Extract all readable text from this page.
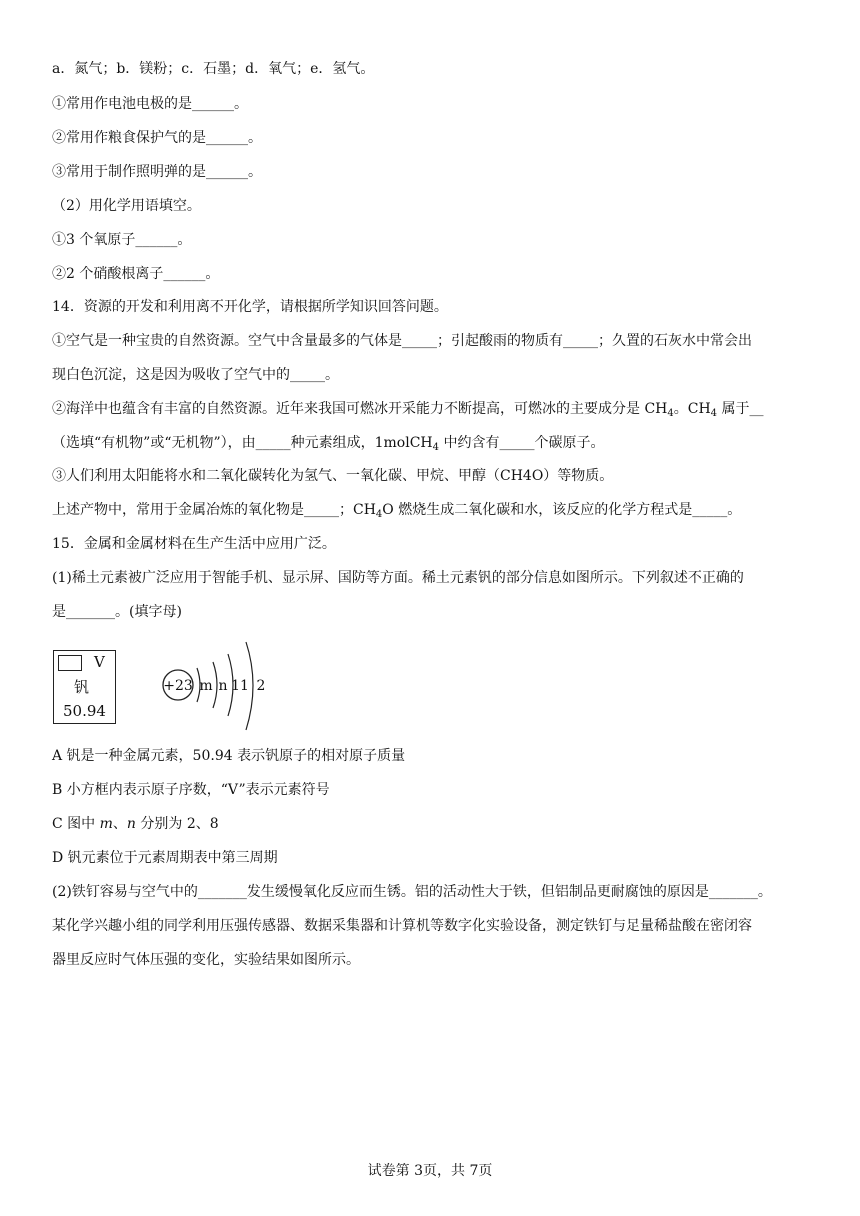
a．氮气；b．镁粉；c．石墨；d．氧气；e．氢气。
①常用作电池电极的是______。
②常用作粮食保护气的是______。
③常用于制作照明弹的是______。
（2）用化学用语填空。
①3 个氧原子______。
②2 个硝酸根离子______。
14．资源的开发和利用离不开化学，请根据所学知识回答问题。
①空气是一种宝贵的自然资源。空气中含量最多的气体是_____；引起酸雨的物质有_____；久置的石灰水中常会出
现白色沉淀，这是因为吸收了空气中的_____。
②海洋中也蕴含有丰富的自然资源。近年来我国可燃冰开采能力不断提高，可燃冰的主要成分是 $CH_4$。$CH_4$ 属于__
（选填“有机物”或“无机物”），由_____种元素组成，1molCH$_4$ 中约含有_____个碳原子。
③人们利用太阳能将水和二氧化碳转化为氢气、一氧化碳、甲烷、甲醇（CH4O）等物质。
上述产物中，常用于金属冶炼的氧化物是_____；$CH_4O$ 燃烧生成二氧化碳和水，该反应的化学方程式是_____。
15．金属和金属材料在生产生活中应用广泛。
(1)稀土元素被广泛应用于智能手机、显示屏、国防等方面。稀土元素钒的部分信息如图所示。下列叙述不正确的
是_______。(填字母)
V
钒
50.94
+23 m n 11 2
A 钒是一种金属元素，50.94 表示钒原子的相对原子质量
B 小方框内表示原子序数，“V”表示元素符号
C 图中 m、n 分别为 2、8
D 钒元素位于元素周期表中第三周期
(2)铁钉容易与空气中的_______发生缓慢氧化反应而生锈。铝的活动性大于铁，但铝制品更耐腐蚀的原因是_______。
某化学兴趣小组的同学利用压强传感器、数据采集器和计算机等数字化实验设备，测定铁钉与足量稀盐酸在密闭容
器里反应时气体压强的变化，实验结果如图所示。
试卷第 3页，共 7页
